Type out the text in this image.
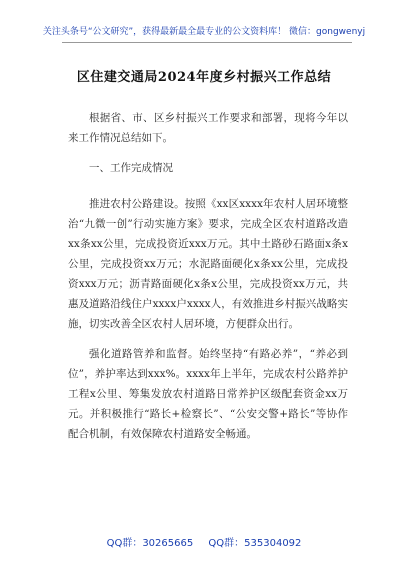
关注头条号“公文研究”，获得最新最全最专业的公文资料库！ 微信：gongwenyj
区住建交通局2024年度乡村振兴工作总结

根据省、市、区乡村振兴工作要求和部署，现将今年以来工作情况总结如下。

一、工作完成情况

推进农村公路建设。按照《xx区xxxx年农村人居环境整治“九微一创”行动实施方案》要求，完成全区农村道路改造xx条xx公里，完成投资近xxx万元。其中土路砂石路面x条x公里，完成投资xx万元；水泥路面硬化x条xx公里，完成投资xxx万元；沥青路面硬化x条x公里，完成投资xx万元，共惠及道路沿线住户xxxx户xxxx人，有效推进乡村振兴战略实施，切实改善全区农村人居环境，方便群众出行。

强化道路管养和监督。始终坚持“有路必养”，“养必到位”，养护率达到xxx%。xxxx年上半年，完成农村公路养护工程x公里、筹集发放农村道路日常养护区级配套资金xx万元。并积极推行“路长+检察长”、“公安交警+路长”等协作配合机制，有效保障农村道路安全畅通。

QQ群：30265665 QQ群：535304092
